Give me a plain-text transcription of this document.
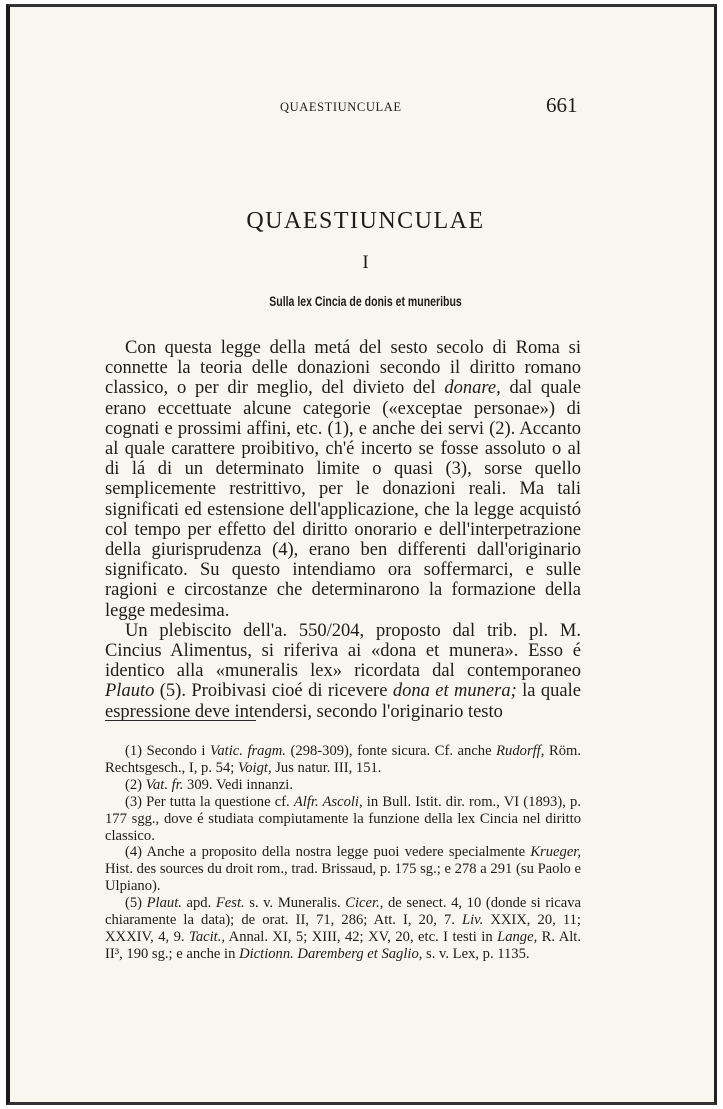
QUAESTIUNCULAE	661
QUAESTIUNCULAE
I
Sulla lex Cincia de donis et muneribus

Con questa legge della metá del sesto secolo di Roma si connette la teoria delle donazioni secondo il diritto romano classico, o per dir meglio, del divieto del donare, dal quale erano eccettuate alcune categorie («exceptae personae») di cognati e prossimi affini, etc. (1), e anche dei servi (2). Accanto al quale carattere proibitivo, ch'é incerto se fosse assoluto o al di lá di un determinato limite o quasi (3), sorse quello semplicemente restrittivo, per le donazioni reali. Ma tali significati ed estensione dell'applicazione, che la legge acquistó col tempo per effetto del diritto onorario e dell'interpetrazione della giurisprudenza (4), erano ben differenti dall'originario significato. Su questo intendiamo ora soffermarci, e sulle ragioni e circostanze che determinarono la formazione della legge medesima.

Un plebiscito dell'a. 550/204, proposto dal trib. pl. M. Cincius Alimentus, si riferiva ai «dona et munera». Esso é identico alla «muneralis lex» ricordata dal contemporaneo Plauto (5). Proibivasi cioé di ricevere dona et munera; la quale espressione deve intendersi, secondo l'originario testo

(1) Secondo i Vatic. fragm. (298-309), fonte sicura. Cf. anche Rudorff, Röm. Rechtsgesch., I, p. 54; Voigt, Jus natur. III, 151.

(2) Vat. fr. 309. Vedi innanzi.

(3) Per tutta la questione cf. Alfr. Ascoli, in Bull. Istit. dir. rom., VI (1893), p. 177 sgg., dove é studiata compiutamente la funzione della lex Cincia nel diritto classico.

(4) Anche a proposito della nostra legge puoi vedere specialmente Krueger, Hist. des sources du droit rom., trad. Brissaud, p. 175 sg.; e 278 a 291 (su Paolo e Ulpiano).

(5) Plaut. apd. Fest. s. v. Muneralis. Cicer., de senect. 4, 10 (donde si ricava chiaramente la data); de orat. II, 71, 286; Att. I, 20, 7. Liv. XXIX, 20, 11; XXXIV, 4, 9. Tacit., Annal. XI, 5; XIII, 42; XV, 20, etc. I testi in Lange, R. Alt. II³, 190 sg.; e anche in Dictionn. Daremberg et Saglio, s. v. Lex, p. 1135.
